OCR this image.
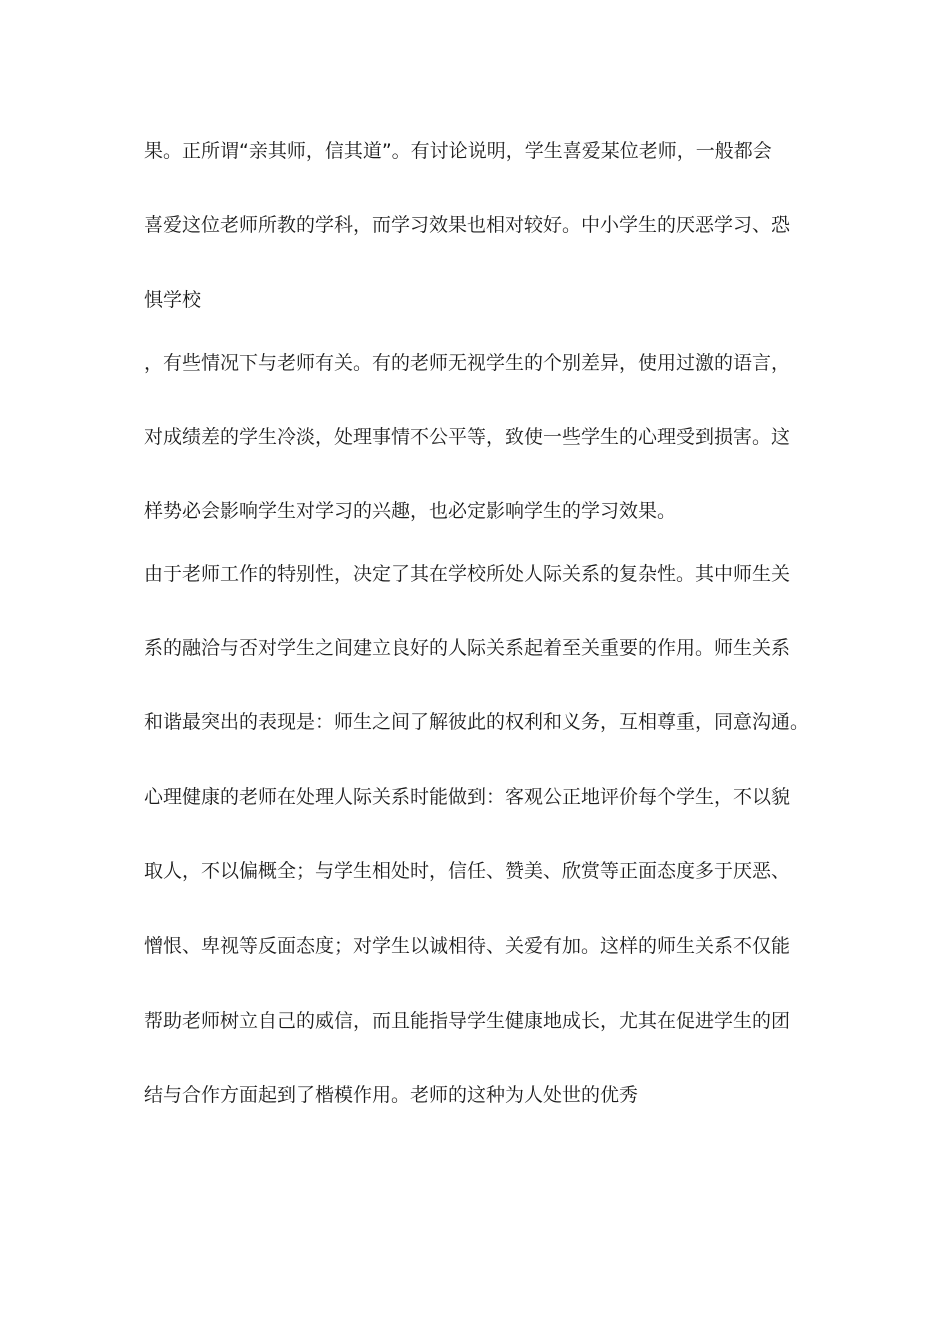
果。正所谓“亲其师，信其道”。有讨论说明，学生喜爱某位老师，一般都会
喜爱这位老师所教的学科，而学习效果也相对较好。中小学生的厌恶学习、恐
惧学校
，有些情况下与老师有关。有的老师无视学生的个别差异，使用过激的语言，
对成绩差的学生冷淡，处理事情不公平等，致使一些学生的心理受到损害。这
样势必会影响学生对学习的兴趣，也必定影响学生的学习效果。
由于老师工作的特别性，决定了其在学校所处人际关系的复杂性。其中师生关
系的融洽与否对学生之间建立良好的人际关系起着至关重要的作用。师生关系
和谐最突出的表现是：师生之间了解彼此的权利和义务，互相尊重，同意沟通。
心理健康的老师在处理人际关系时能做到：客观公正地评价每个学生，不以貌
取人，不以偏概全；与学生相处时，信任、赞美、欣赏等正面态度多于厌恶、
憎恨、卑视等反面态度；对学生以诚相待、关爱有加。这样的师生关系不仅能
帮助老师树立自己的威信，而且能指导学生健康地成长，尤其在促进学生的团
结与合作方面起到了楷模作用。老师的这种为人处世的优秀
